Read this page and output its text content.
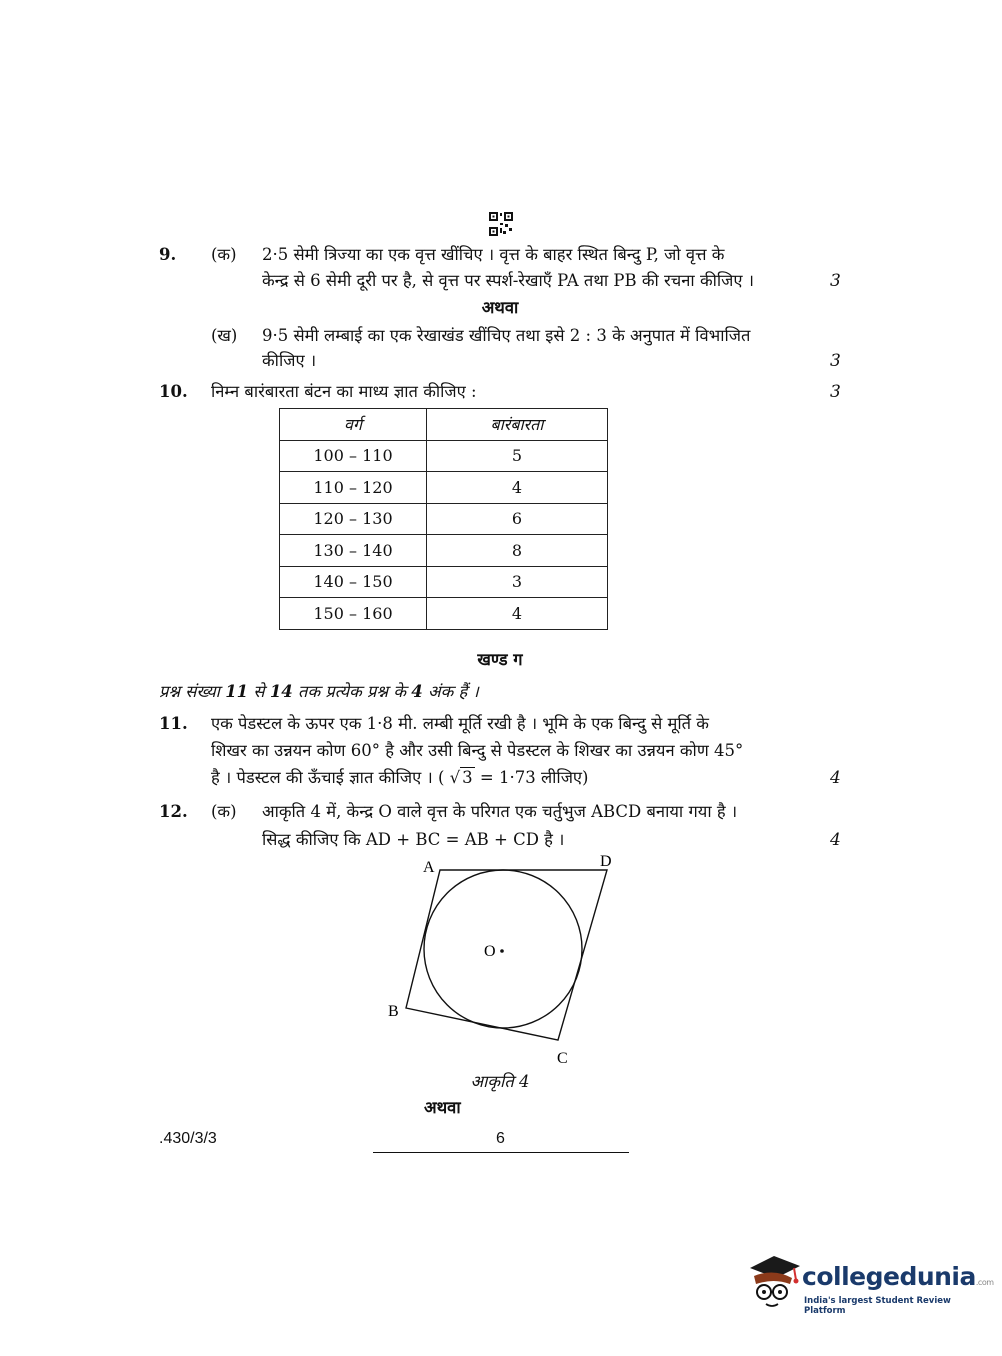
9. (क) 2·5 सेमी त्रिज्या का एक वृत्त खींचिए । वृत्त के बाहर स्थित बिन्दु P, जो वृत्त के
केन्द्र से 6 सेमी दूरी पर है, से वृत्त पर स्पर्श-रेखाएँ PA तथा PB की रचना कीजिए ।	3
अथवा
(ख) 9·5 सेमी लम्बाई का एक रेखाखंड खींचिए तथा इसे 2 : 3 के अनुपात में विभाजित
कीजिए ।	3
10. निम्न बारंबारता बंटन का माध्य ज्ञात कीजिए :	3
वर्ग	बारंबारता
100 – 110	5
110 – 120	4
120 – 130	6
130 – 140	8
140 – 150	3
150 – 160	4
खण्ड ग
प्रश्न संख्या 11 से 14 तक प्रत्येक प्रश्न के 4 अंक हैं ।
11. एक पेडस्टल के ऊपर एक 1·8 मी. लम्बी मूर्ति रखी है । भूमि के एक बिन्दु से मूर्ति के
शिखर का उन्नयन कोण 60° है और उसी बिन्दु से पेडस्टल के शिखर का उन्नयन कोण 45°
है । पेडस्टल की ऊँचाई ज्ञात कीजिए । ( √ 3 = 1·73 लीजिए)	4
12. (क) आकृति 4 में, केन्द्र O वाले वृत्त के परिगत एक चर्तुभुज ABCD बनाया गया है ।
सिद्ध कीजिए कि AD + BC = AB + CD है ।	4
A	D
B
C
O
आकृति 4
अथवा
.430/3/3	6
collegedunia.com
India's largest Student Review Platform
